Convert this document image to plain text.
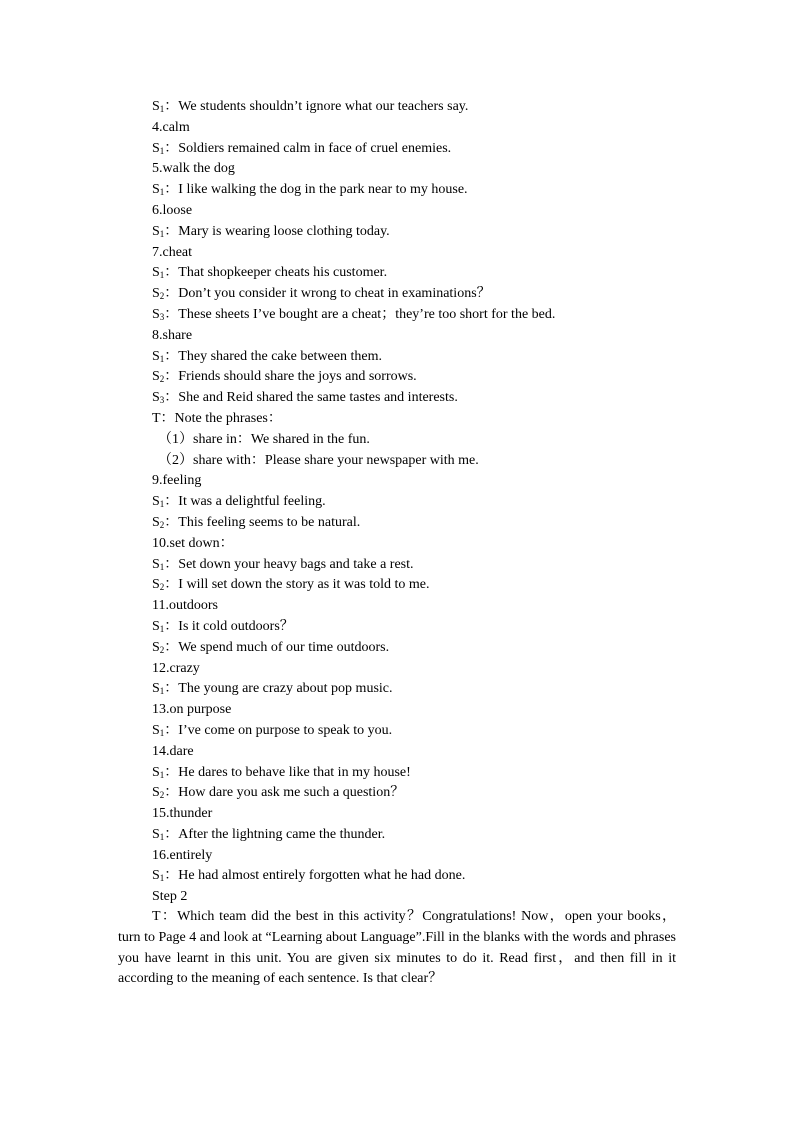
$S_1$：We students shouldn’t ignore what our teachers say.
4.calm
$S_1$：Soldiers remained calm in face of cruel enemies.
5.walk the dog
$S_1$：I like walking the dog in the park near to my house.
6.loose
$S_1$：Mary is wearing loose clothing today.
7.cheat
$S_1$：That shopkeeper cheats his customer.
$S_2$：Don’t you consider it wrong to cheat in examinations？
$S_3$：These sheets I’ve bought are a cheat；they’re too short for the bed.
8.share
$S_1$：They shared the cake between them.
$S_2$：Friends should share the joys and sorrows.
$S_3$：She and Reid shared the same tastes and interests.
T：Note the phrases：
（1）share in：We shared in the fun.
（2）share with：Please share your newspaper with me.
9.feeling
$S_1$：It was a delightful feeling.
$S_2$：This feeling seems to be natural.
10.set down：
$S_1$：Set down your heavy bags and take a rest.
$S_2$：I will set down the story as it was told to me.
11.outdoors
$S_1$：Is it cold outdoors？
$S_2$：We spend much of our time outdoors.
12.crazy
$S_1$：The young are crazy about pop music.
13.on purpose
$S_1$：I’ve come on purpose to speak to you.
14.dare
$S_1$：He dares to behave like that in my house!
$S_2$：How dare you ask me such a question？
15.thunder
$S_1$：After the lightning came the thunder.
16.entirely
$S_1$：He had almost entirely forgotten what he had done.
Step 2
T：Which team did the best in this activity？Congratulations! Now，open your books，turn to Page 4 and look at “Learning about Language”.Fill in the blanks with the words and phrases you have learnt in this unit. You are given six minutes to do it. Read first，and then fill in it according to the meaning of each sentence. Is that clear？
